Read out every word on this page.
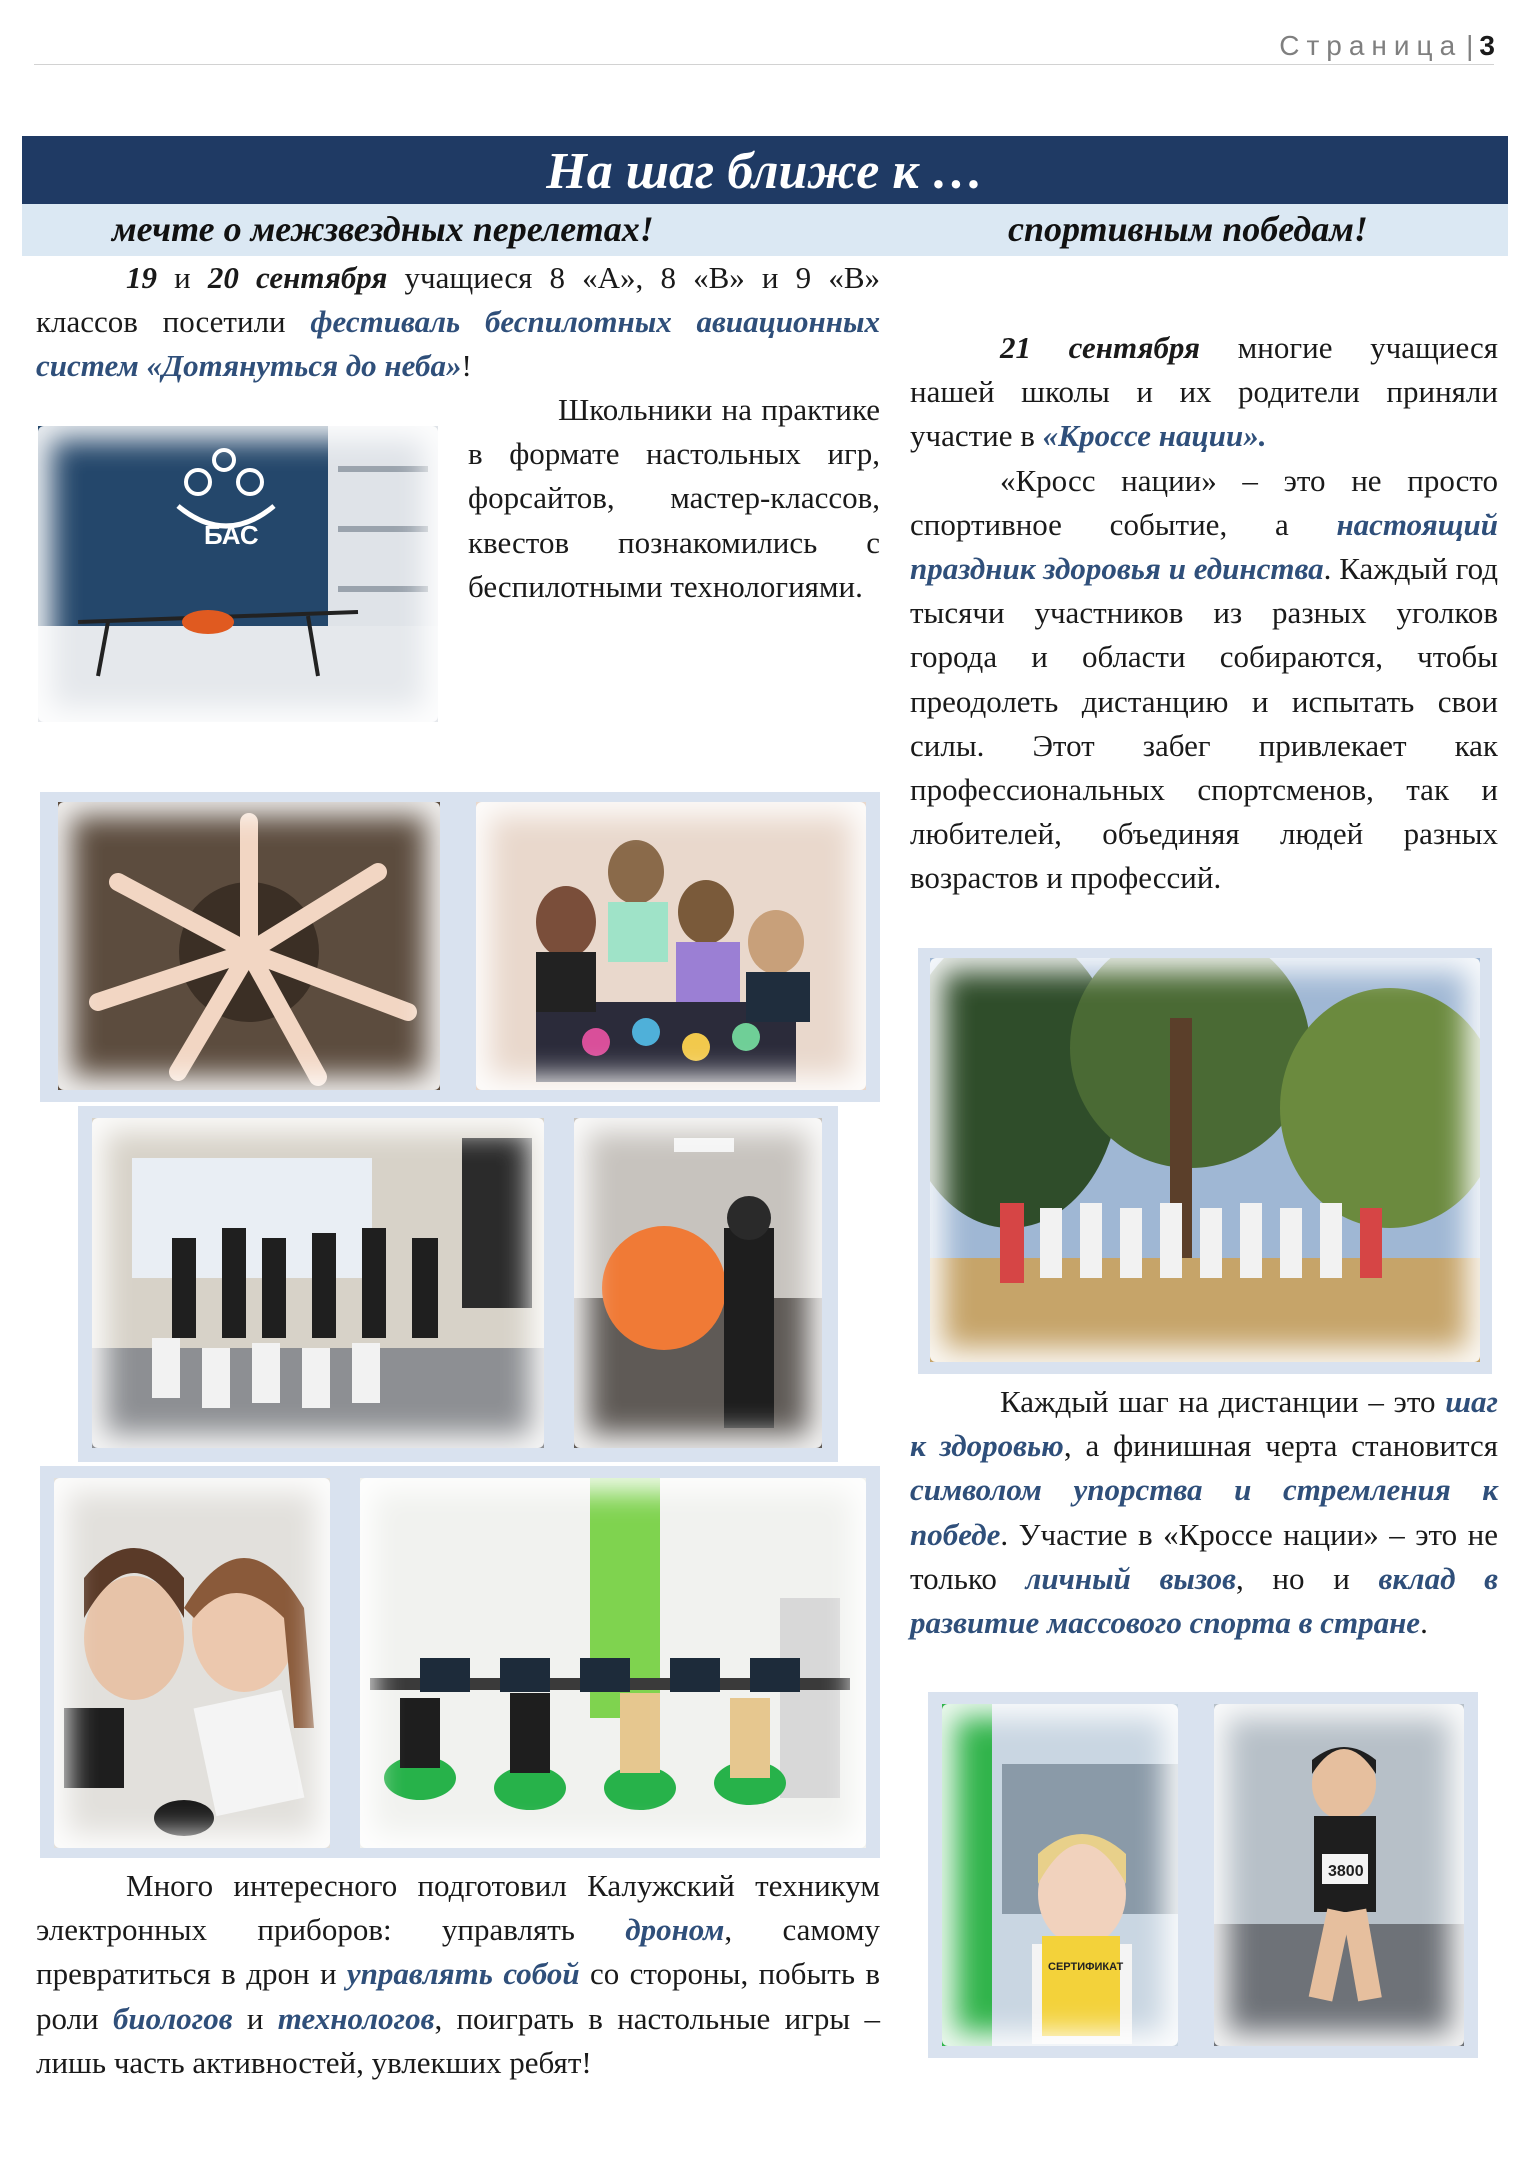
Страница | 3
На шаг ближе к …
мечте о межзвездных перелетах!	спортивным победам!

19 и 20 сентября учащиеся 8 «А», 8 «В» и 9 «В» классов посетили фестиваль беспилотных авиационных систем «Дотянуться до неба»!

БАС

Школьники на практике в формате настольных игр, форсайтов, мастер-классов, квестов познакомились с беспилотными технологиями.

Много интересного подготовил Калужский техникум электронных приборов: управлять дроном, самому превратиться в дрон и управлять собой со стороны, побыть в роли биологов и технологов, поиграть в настольные игры – лишь часть активностей, увлекших ребят!

21 сентября многие учащиеся нашей школы и их родители приняли участие в «Кроссе нации».

«Кросс нации» – это не просто спортивное событие, а настоящий праздник здоровья и единства. Каждый год тысячи участников из разных уголков города и области собираются, чтобы преодолеть дистанцию и испытать свои силы. Этот забег привлекает как профессиональных спортсменов, так и любителей, объединяя людей разных возрастов и профессий.

Каждый шаг на дистанции – это шаг к здоровью, а финишная черта становится символом упорства и стремления к победе. Участие в «Кроссе нации» – это не только личный вызов, но и вклад в развитие массового спорта в стране.

СЕРТИФИКАТ
3800
